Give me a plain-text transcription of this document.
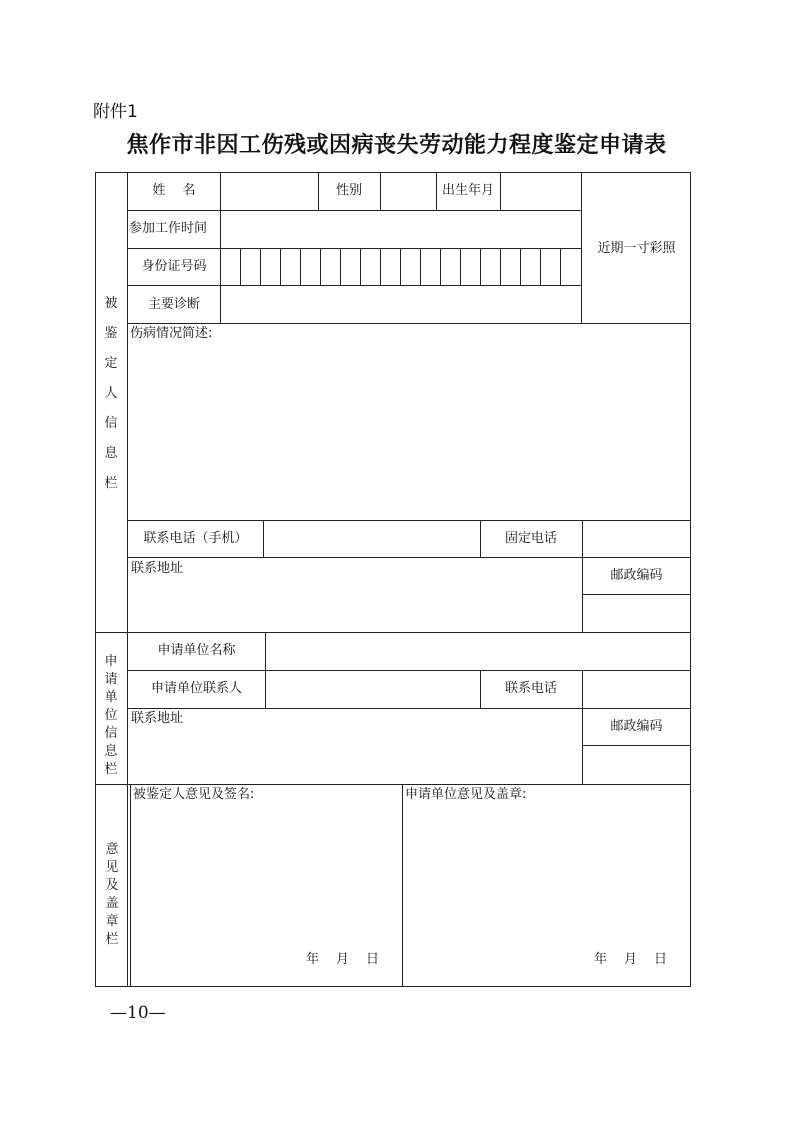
附件1
焦作市非因工伤残或因病丧失劳动能力程度鉴定申请表
被
鉴
定
人
信
息
栏
姓　 名	性别	出生年月
参加工作时间
身份证号码
主要诊断
近期一寸彩照
伤病情况简述:
联系电话（手机）	固定电话
联系地址	邮政编码
申
请
单
位
信
息
栏
申请单位名称
申请单位联系人	联系电话
联系地址
邮政编码
意
见
及
盖
章
栏
被鉴定人意见及签名:	申请单位意见及盖章:
年　月　日	年　月　日
—10—
